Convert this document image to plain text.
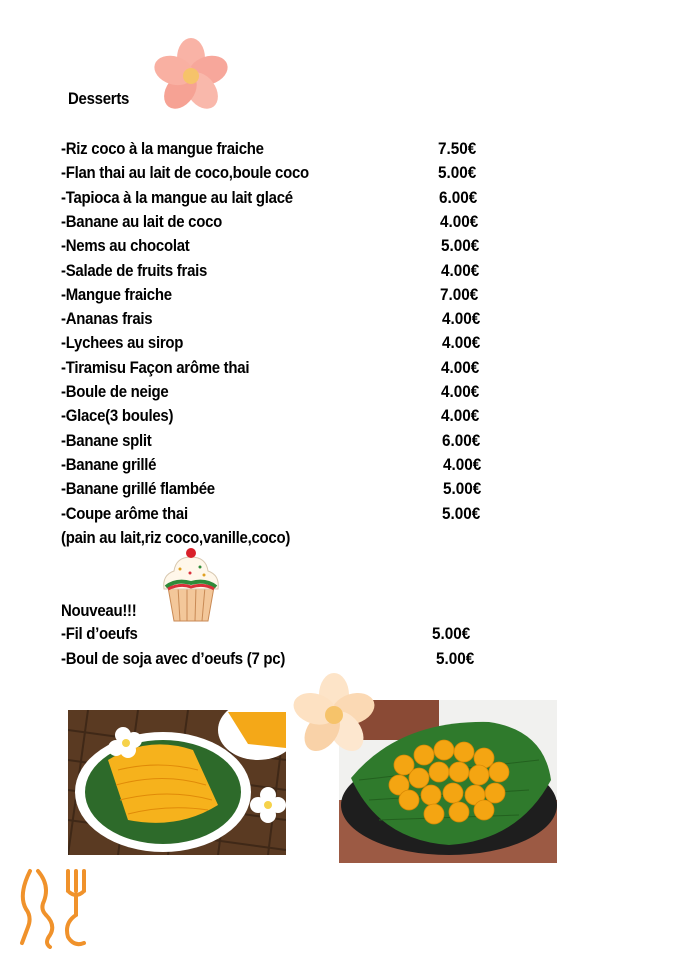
Desserts
-Riz coco à la mangue fraiche	7.50€
-Flan thai au lait de coco,boule coco	5.00€
-Tapioca à la mangue au lait glacé	6.00€
-Banane au lait de coco	4.00€
-Nems au chocolat	5.00€
-Salade de fruits frais	4.00€
-Mangue fraiche	7.00€
-Ananas frais	4.00€
-Lychees au sirop	4.00€
-Tiramisu Façon arôme thai	4.00€
-Boule de neige	4.00€
-Glace(3 boules)	4.00€
-Banane split	6.00€
-Banane grillé	4.00€
-Banane grillé flambée	5.00€
-Coupe arôme thai	5.00€
(pain au lait,riz coco,vanille,coco)
Nouveau!!!
-Fil d’oeufs	5.00€
-Boul de soja avec d’oeufs (7 pc)	5.00€
